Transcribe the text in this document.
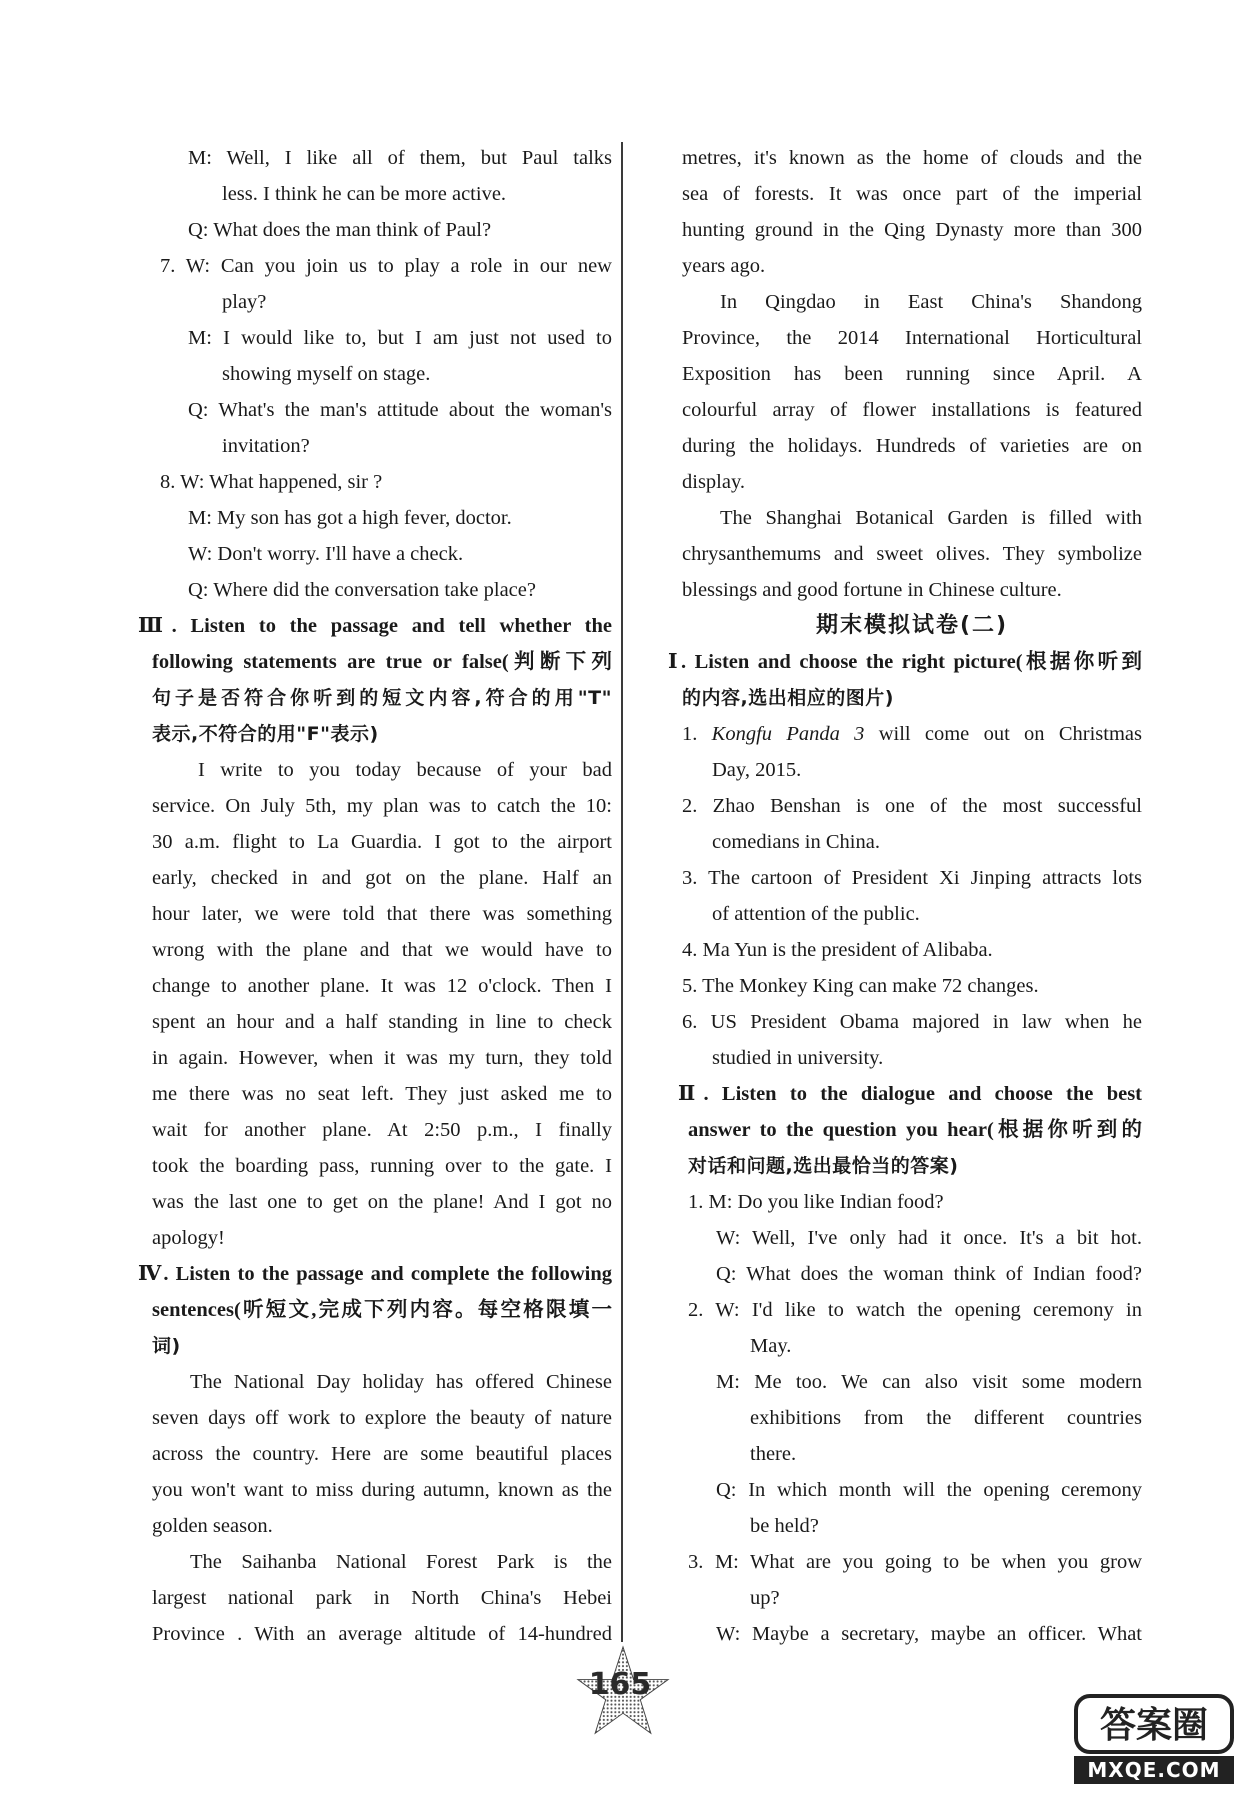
M: Well, I like all of them, but Paul talks
less. I think he can be more active.
Q: What does the man think of Paul?
7. W: Can you join us to play a role in our new
play?
M: I would like to, but I am just not used to
showing myself on stage.
Q: What's the man's attitude about the woman's
invitation?
8. W: What happened, sir ?
M: My son has got a high fever, doctor.
W: Don't worry. I'll have a check.
Q: Where did the conversation take place?
Ⅲ. Listen to the passage and tell whether the
following statements are true or false(判断下列
句子是否符合你听到的短文内容,符合的用"T"
表示,不符合的用"F"表示)
I write to you today because of your bad
service. On July 5th, my plan was to catch the 10:
30 a.m. flight to La Guardia. I got to the airport
early, checked in and got on the plane. Half an
hour later, we were told that there was something
wrong with the plane and that we would have to
change to another plane. It was 12 o'clock. Then I
spent an hour and a half standing in line to check
in again. However, when it was my turn, they told
me there was no seat left. They just asked me to
wait for another plane. At 2:50 p.m., I finally
took the boarding pass, running over to the gate. I
was the last one to get on the plane! And I got no
apology!
Ⅳ. Listen to the passage and complete the following
sentences(听短文,完成下列内容。每空格限填一
词)
The National Day holiday has offered Chinese
seven days off work to explore the beauty of nature
across the country. Here are some beautiful places
you won't want to miss during autumn, known as the
golden season.
The Saihanba National Forest Park is the
largest national park in North China's Hebei
Province . With an average altitude of 14-hundred
metres, it's known as the home of clouds and the
sea of forests. It was once part of the imperial
hunting ground in the Qing Dynasty more than 300
years ago.
In Qingdao in East China's Shandong
Province, the 2014 International Horticultural
Exposition has been running since April. A
colourful array of flower installations is featured
during the holidays. Hundreds of varieties are on
display.
The Shanghai Botanical Garden is filled with
chrysanthemums and sweet olives. They symbolize
blessings and good fortune in Chinese culture.
期末模拟试卷(二)
Ⅰ. Listen and choose the right picture(根据你听到
的内容,选出相应的图片)
1. Kongfu Panda 3 will come out on Christmas
Day, 2015.
2. Zhao Benshan is one of the most successful
comedians in China.
3. The cartoon of President Xi Jinping attracts lots
of attention of the public.
4. Ma Yun is the president of Alibaba.
5. The Monkey King can make 72 changes.
6. US President Obama majored in law when he
studied in university.
Ⅱ. Listen to the dialogue and choose the best
answer to the question you hear(根据你听到的
对话和问题,选出最恰当的答案)
1. M: Do you like Indian food?
W: Well, I've only had it once. It's a bit hot.
Q: What does the woman think of Indian food?
2. W: I'd like to watch the opening ceremony in
May.
M: Me too. We can also visit some modern
exhibitions from the different countries
there.
Q: In which month will the opening ceremony
be held?
3. M: What are you going to be when you grow
up?
W: Maybe a secretary, maybe an officer. What
165
答案圈
MXQE.COM
